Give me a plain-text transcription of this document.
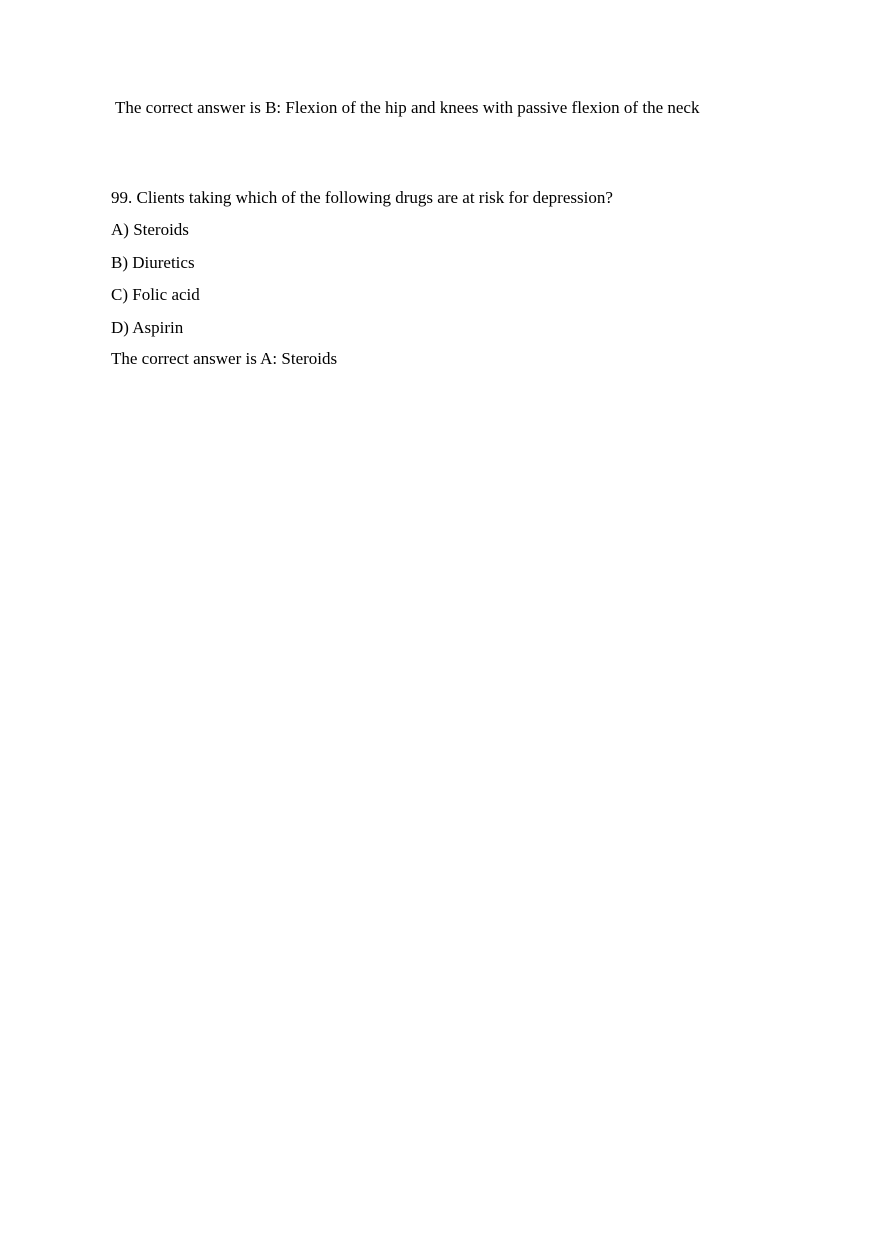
The correct answer is B: Flexion of the hip and knees with passive flexion of the neck
99. Clients taking which of the following drugs are at risk for depression?
A) Steroids
B) Diuretics
C) Folic acid
D) Aspirin
The correct answer is A: Steroids
